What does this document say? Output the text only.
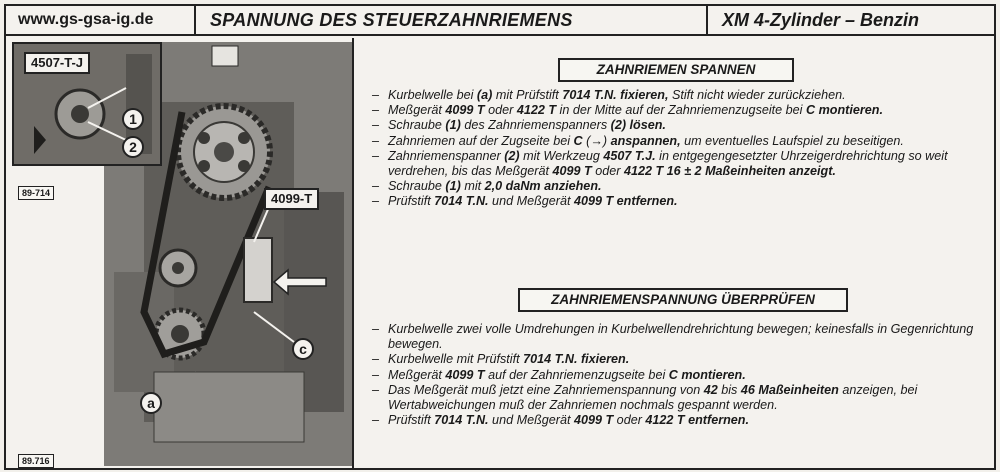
www.gs-gsa-ig.de	SPANNUNG DES STEUERZAHNRIEMENS	XM 4-Zylinder – Benzin
4507-T-J
1
2
89-714	4099-T
c
a
89.716
ZAHNRIEMEN SPANNEN
– Kurbelwelle bei (a) mit Prüfstift 7014 T.N. fixieren, Stift nicht wieder zurückziehen.
– Meßgerät 4099 T oder 4122 T in der Mitte auf der Zahnriemenzugseite bei C montieren.
– Schraube (1) des Zahnriemenspanners (2) lösen.
– Zahnriemen auf der Zugseite bei C (→) anspannen, um eventuelles Laufspiel zu beseitigen.
– Zahnriemenspanner (2) mit Werkzeug 4507 T.J. in entgegengesetzter Uhrzeigerdrehrichtung so weit verdrehen, bis das Meßgerät 4099 T oder 4122 T 16 ± 2 Maßeinheiten anzeigt.
– Schraube (1) mit 2,0 daNm anziehen.
– Prüfstift 7014 T.N. und Meßgerät 4099 T entfernen.
ZAHNRIEMENSPANNUNG ÜBERPRÜFEN
– Kurbelwelle zwei volle Umdrehungen in Kurbelwellendrehrichtung bewegen; keinesfalls in Gegenrichtung bewegen.
– Kurbelwelle mit Prüfstift 7014 T.N. fixieren.
– Meßgerät 4099 T auf der Zahnriemenzugseite bei C montieren.
– Das Meßgerät muß jetzt eine Zahnriemenspannung von 42 bis 46 Maßeinheiten anzeigen, bei Wertabweichungen muß der Zahnriemen nochmals gespannt werden.
– Prüfstift 7014 T.N. und Meßgerät 4099 T oder 4122 T entfernen.
